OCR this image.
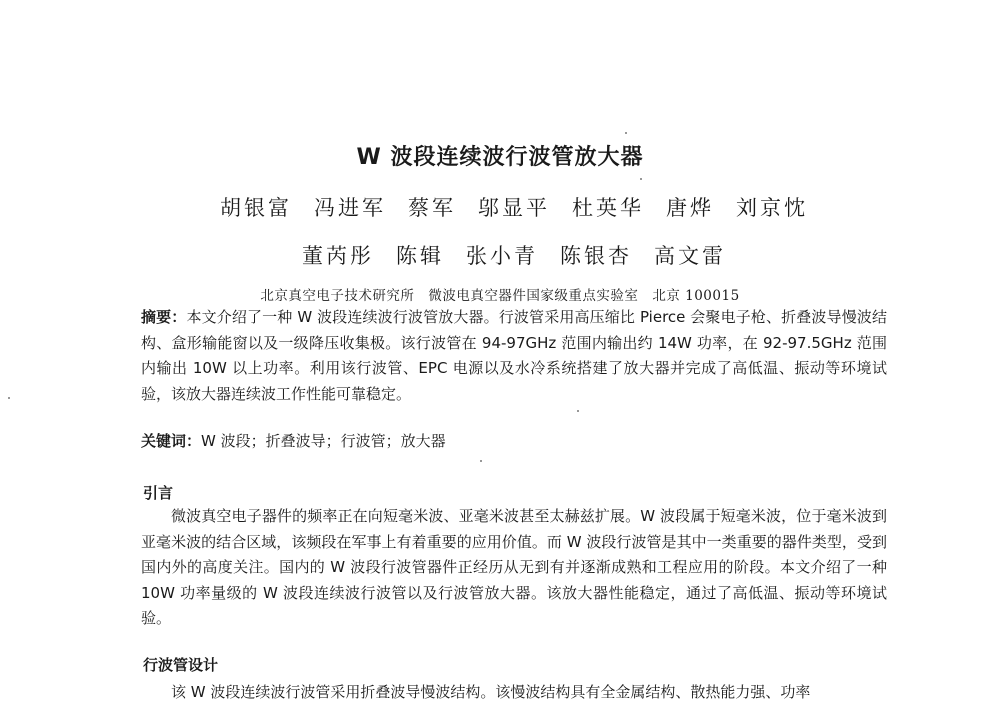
W 波段连续波行波管放大器
胡银富 冯进军 蔡军 邬显平 杜英华 唐烨 刘京忱
董芮彤 陈辑 张小青 陈银杏 高文雷
北京真空电子技术研究所 微波电真空器件国家级重点实验室 北京 100015
摘要：本文介绍了一种 W 波段连续波行波管放大器。行波管采用高压缩比 Pierce 会聚电子枪、折叠波导慢波结构、盒形输能窗以及一级降压收集极。该行波管在 94-97GHz 范围内输出约 14W 功率，在 92-97.5GHz 范围内输出 10W 以上功率。利用该行波管、EPC 电源以及水冷系统搭建了放大器并完成了高低温、振动等环境试验，该放大器连续波工作性能可靠稳定。
关键词：W 波段；折叠波导；行波管；放大器
引言
微波真空电子器件的频率正在向短毫米波、亚毫米波甚至太赫兹扩展。W 波段属于短毫米波，位于毫米波到亚毫米波的结合区域，该频段在军事上有着重要的应用价值。而 W 波段行波管是其中一类重要的器件类型，受到国内外的高度关注。国内的 W 波段行波管器件正经历从无到有并逐渐成熟和工程应用的阶段。本文介绍了一种 10W 功率量级的 W 波段连续波行波管以及行波管放大器。该放大器性能稳定，通过了高低温、振动等环境试验。
行波管设计
该 W 波段连续波行波管采用折叠波导慢波结构。该慢波结构具有全金属结构、散热能力强、功率
